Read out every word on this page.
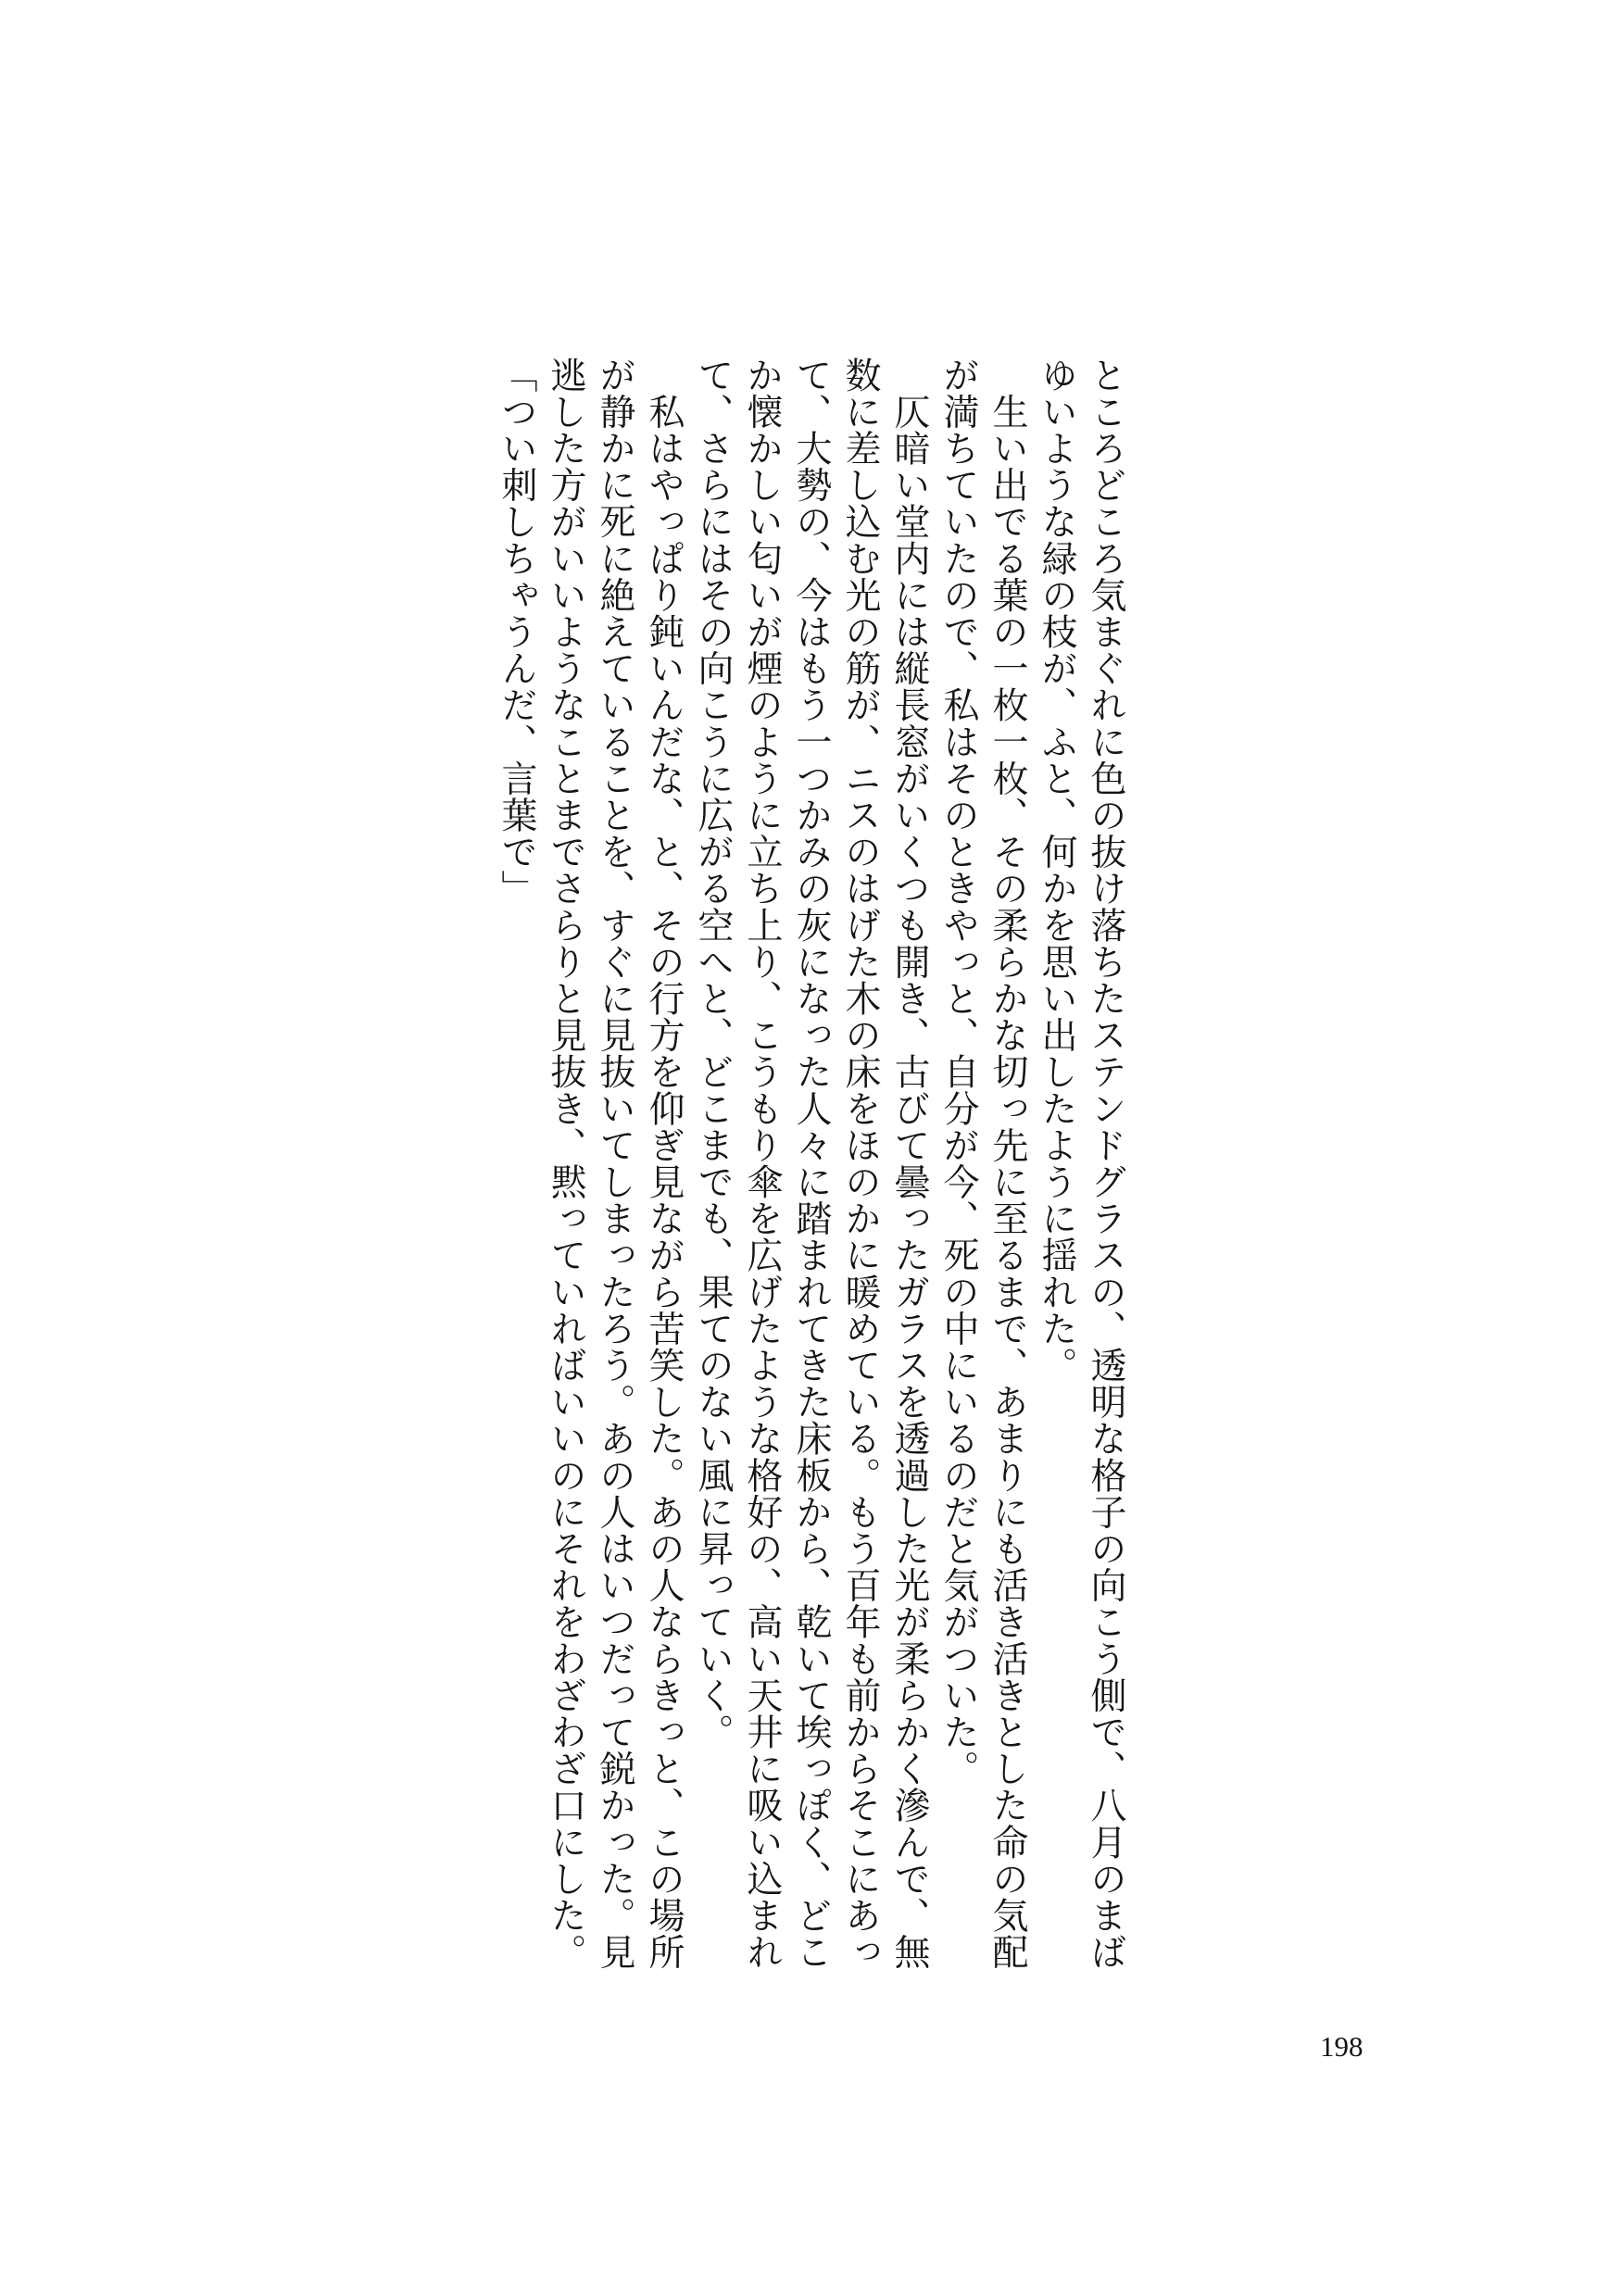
ところどころ気まぐれに色の抜け落ちたステンドグラスの、透明な格子の向こう側で、八月のまばゆいような緑の枝が、ふと、何かを思い出したように揺れた。

　生い出でる葉の一枚一枚、その柔らかな切っ先に至るまで、あまりにも活き活きとした命の気配が満ちていたので、私はそのときやっと、自分が今、死の中にいるのだと気がついた。

　仄暗い堂内には縦長窓がいくつも開き、古びて曇ったガラスを透過した光が柔らかく滲んで、無数に差し込む光の筋が、ニスのはげた木の床をほのかに暖めている。もう百年も前からそこにあって、大勢の、今はもう一つかみの灰になった人々に踏まれてきた床板から、乾いて埃っぽく、どこか懐かしい匂いが煙のように立ち上り、こうもり傘を広げたような格好の、高い天井に吸い込まれて、さらにはその向こうに広がる空へと、どこまでも、果てのない風に昇っていく。

　私はやっぱり鈍いんだな、と、その行方を仰ぎ見ながら苦笑した。あの人ならきっと、この場所が静かに死に絶えていることを、すぐに見抜いてしまったろう。あの人はいつだって鋭かった。見逃した方がいいようなことまでさらりと見抜き、黙っていればいいのにそれをわざわざ口にした。

「つい刺しちゃうんだ、言葉で」

198
